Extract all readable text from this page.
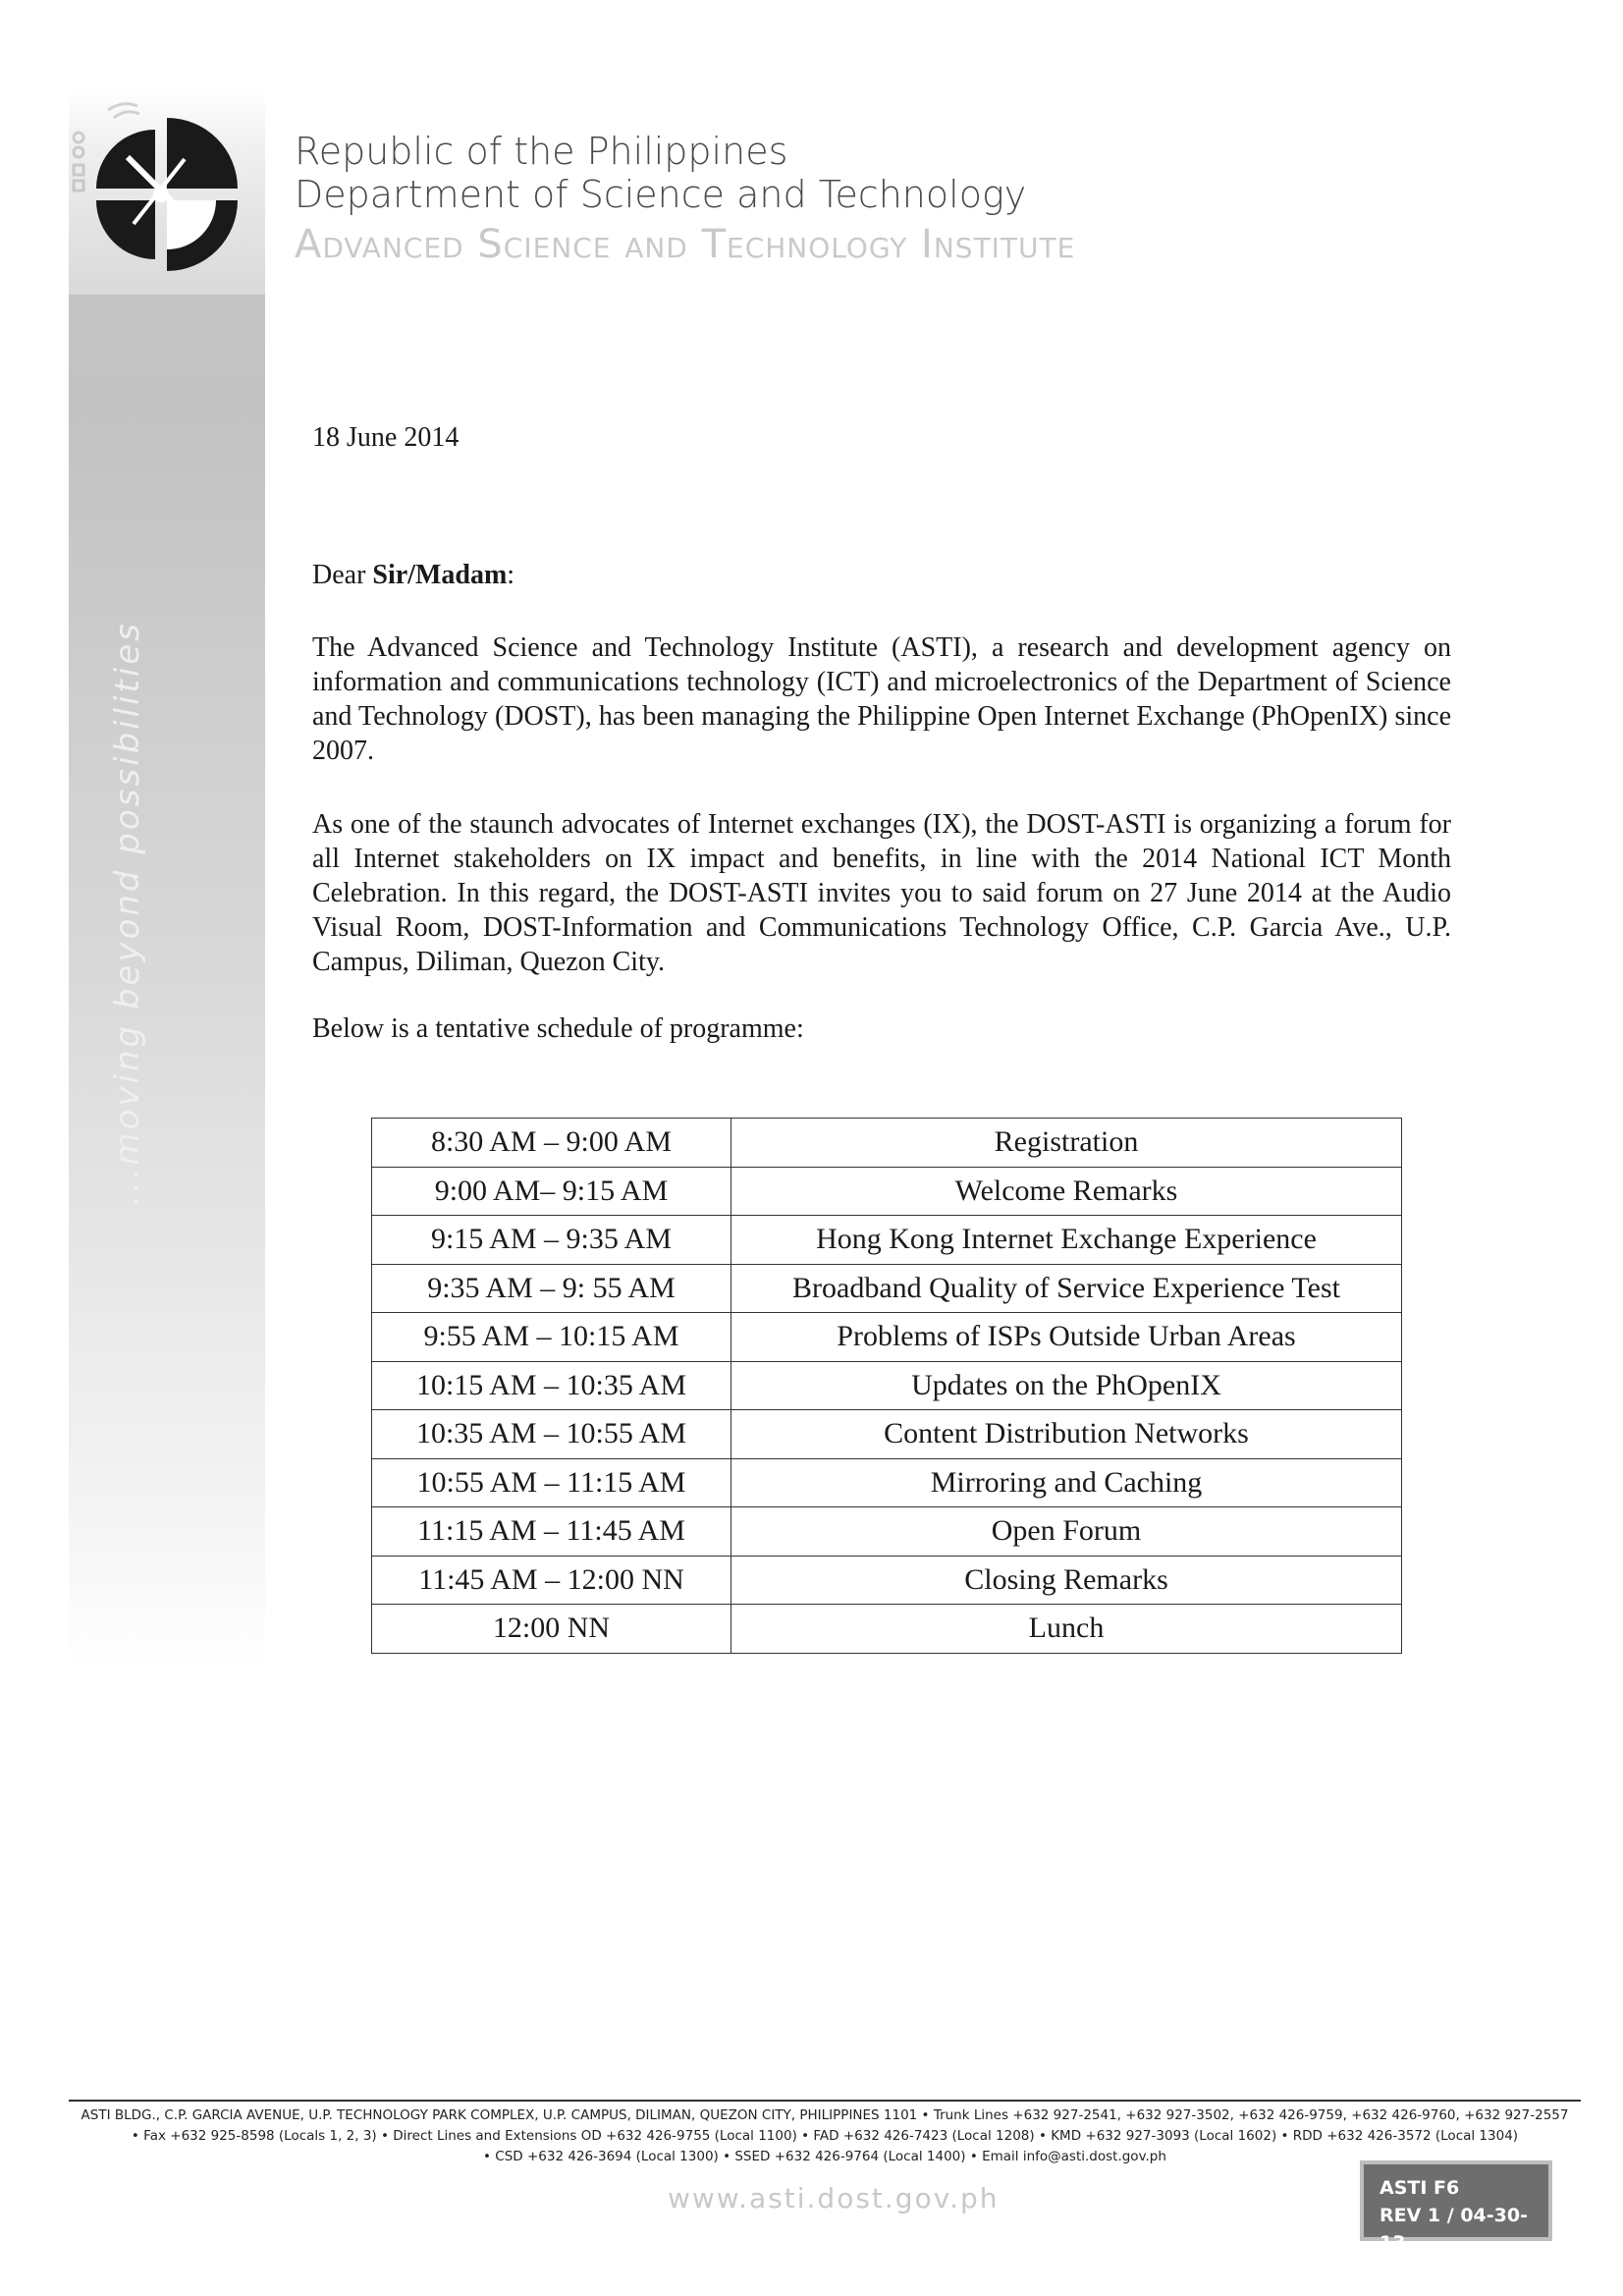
...moving beyond possibilities
Republic of the Philippines
Department of Science and Technology
Advanced Science and Technology Institute
18 June 2014
Dear Sir/Madam:

The Advanced Science and Technology Institute (ASTI), a research and development agency on information and communications technology (ICT) and microelectronics of the Department of Science and Technology (DOST), has been managing the Philippine Open Internet Exchange (PhOpenIX) since 2007.

As one of the staunch advocates of Internet exchanges (IX), the DOST-ASTI is organizing a forum for all Internet stakeholders on IX impact and benefits, in line with the 2014 National ICT Month Celebration. In this regard, the DOST-ASTI invites you to said forum on 27 June 2014 at the Audio Visual Room, DOST-Information and Communications Technology Office, C.P. Garcia Ave., U.P. Campus, Diliman, Quezon City.

Below is a tentative schedule of programme:

8:30 AM – 9:00 AM	Registration
9:00 AM– 9:15 AM	Welcome Remarks
9:15 AM – 9:35 AM	Hong Kong Internet Exchange Experience
9:35 AM – 9: 55 AM	Broadband Quality of Service Experience Test
9:55 AM – 10:15 AM	Problems of ISPs Outside Urban Areas
10:15 AM – 10:35 AM	Updates on the PhOpenIX
10:35 AM – 10:55 AM	Content Distribution Networks
10:55 AM – 11:15 AM	Mirroring and Caching
11:15 AM – 11:45 AM	Open Forum
11:45 AM – 12:00 NN	Closing Remarks
12:00 NN	Lunch
ASTI BLDG., C.P. GARCIA AVENUE, U.P. TECHNOLOGY PARK COMPLEX, U.P. CAMPUS, DILIMAN, QUEZON CITY, PHILIPPINES 1101 • Trunk Lines +632 927-2541, +632 927-3502, +632 426-9759, +632 426-9760, +632 927-2557
• Fax +632 925-8598 (Locals 1, 2, 3) • Direct Lines and Extensions OD +632 426-9755 (Local 1100) • FAD +632 426-7423 (Local 1208) • KMD +632 927-3093 (Local 1602) • RDD +632 426-3572 (Local 1304)
• CSD +632 426-3694 (Local 1300) • SSED +632 426-9764 (Local 1400) • Email info@asti.dost.gov.ph
www.asti.dost.gov.ph	ASTI F6
REV 1 / 04-30-13
